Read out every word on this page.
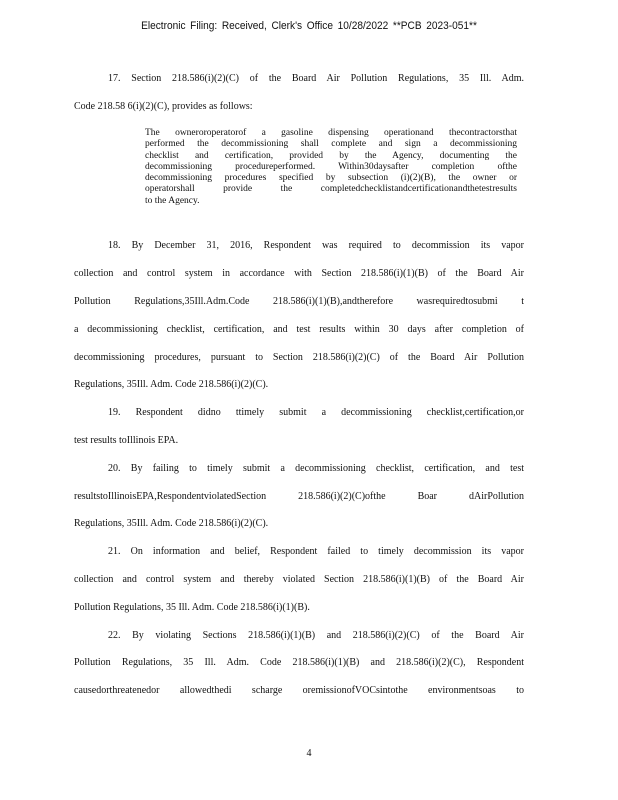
Electronic Filing: Received, Clerk's Office 10/28/2022 **PCB 2023-051**
17. Section 218.586(i)(2)(C) of the Board Air Pollution Regulations, 35 Ill. Adm.
Code 218.58 6(i)(2)(C), provides as follows:
The owneroroperatorof a gasoline dispensing operationand thecontractorsthat
performed the decommissioning shall complete and sign a decommissioning
checklist and certification, provided by the Agency, documenting the
decommissioning procedureperformed. Within30daysafter completion ofthe
decommissioning procedures specified by subsection (i)(2)(B), the owner or
operatorshall provide the completedchecklistandcertificationandthetestresults
to the Agency.
18. By December 31, 2016, Respondent was required to decommission its vapor
collection and control system in accordance with Section 218.586(i)(1)(B) of the Board Air
Pollution Regulations,35Ill.Adm.Code 218.586(i)(1)(B),andtherefore wasrequiredtosubmi t
a decommissioning checklist, certification, and test results within 30 days after completion of
decommissioning procedures, pursuant to Section 218.586(i)(2)(C) of the Board Air Pollution
Regulations, 35Ill. Adm. Code 218.586(i)(2)(C).
19. Respondent didno ttimely submit a decommissioning checklist,certification,or
test results toIllinois EPA.
20. By failing to timely submit a decommissioning checklist, certification, and test
resultstoIllinoisEPA,RespondentviolatedSection 218.586(i)(2)(C)ofthe Boar dAirPollution
Regulations, 35Ill. Adm. Code 218.586(i)(2)(C).
21. On information and belief, Respondent failed to timely decommission its vapor
collection and control system and thereby violated Section 218.586(i)(1)(B) of the Board Air
Pollution Regulations, 35 Ill. Adm. Code 218.586(i)(1)(B).
22. By violating Sections 218.586(i)(1)(B) and 218.586(i)(2)(C) of the Board Air
Pollution Regulations, 35 Ill. Adm. Code 218.586(i)(1)(B) and 218.586(i)(2)(C), Respondent
causedorthreatenedor allowedthedi scharge oremissionofVOCsintothe environmentsoas to
4
